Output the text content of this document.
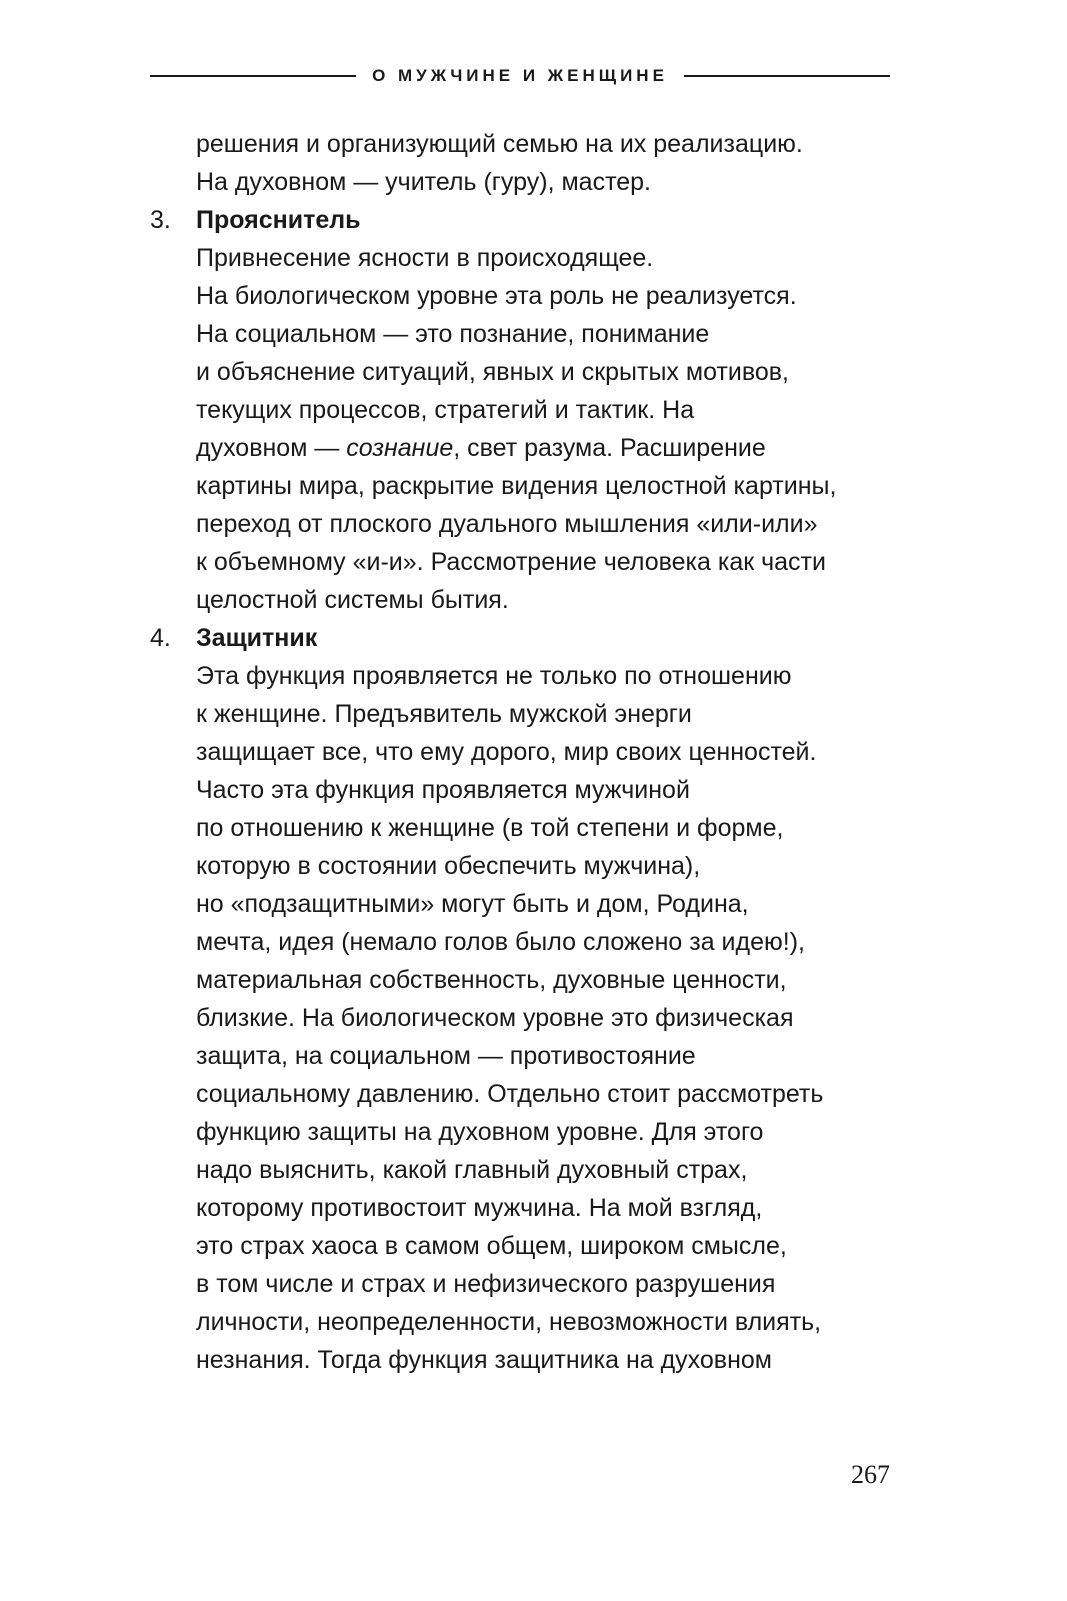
О МУЖЧИНЕ И ЖЕНЩИНЕ
решения и организующий семью на их реализацию.
На духовном — учитель (гуру), мастер.
3. Прояснитель
Привнесение ясности в происходящее.
На биологическом уровне эта роль не реализуется.
На социальном — это познание, понимание
и объяснение ситуаций, явных и скрытых мотивов,
текущих процессов, стратегий и тактик. На
духовном — сознание, свет разума. Расширение
картины мира, раскрытие видения целостной картины,
переход от плоского дуального мышления «или-или»
к объемному «и-и». Рассмотрение человека как части
целостной системы бытия.
4. Защитник
Эта функция проявляется не только по отношению
к женщине. Предъявитель мужской энерги
защищает все, что ему дорого, мир своих ценностей.
Часто эта функция проявляется мужчиной
по отношению к женщине (в той степени и форме,
которую в состоянии обеспечить мужчина),
но «подзащитными» могут быть и дом, Родина,
мечта, идея (немало голов было сложено за идею!),
материальная собственность, духовные ценности,
близкие. На биологическом уровне это физическая
защита, на социальном — противостояние
социальному давлению. Отдельно стоит рассмотреть
функцию защиты на духовном уровне. Для этого
надо выяснить, какой главный духовный страх,
которому противостоит мужчина. На мой взгляд,
это страх хаоса в самом общем, широком смысле,
в том числе и страх и нефизического разрушения
личности, неопределенности, невозможности влиять,
незнания. Тогда функция защитника на духовном
267
